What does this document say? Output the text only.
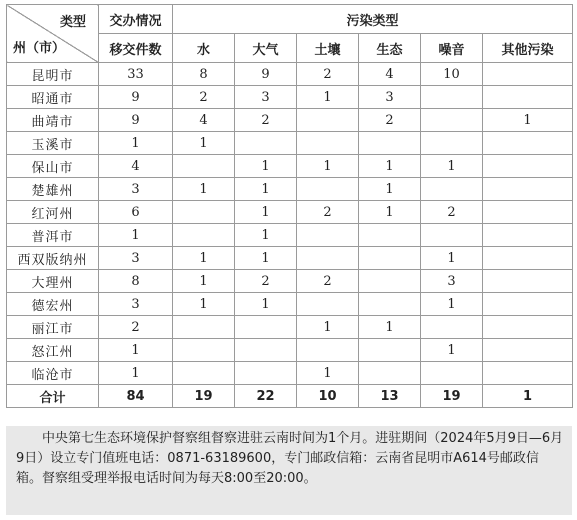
类型
州（市）	交办情况	污染类型					
	移交件数	水	大气	土壤	生态	噪音	其他污染
昆明市	33	8	9	2	4	10	
昭通市	9	2	3	1	3		
曲靖市	9	4	2		2		1
玉溪市	1	1					
保山市	4		1	1	1	1	
楚雄州	3	1	1		1		
红河州	6		1	2	1	2	
普洱市	1		1				
西双版纳州	3	1	1			1	
大理州	8	1	2	2		3	
德宏州	3	1	1			1	
丽江市	2			1	1		
怒江州	1					1	
临沧市	1			1			
合计	84	19	22	10	13	19	1

中央第七生态环境保护督察组督察进驻云南时间为1个月。进驻期间（2024年5月9日—6月9日）设立专门值班电话：0871-63189600，专门邮政信箱：云南省昆明市A614号邮政信箱。督察组受理举报电话时间为每天8:00至20:00。
